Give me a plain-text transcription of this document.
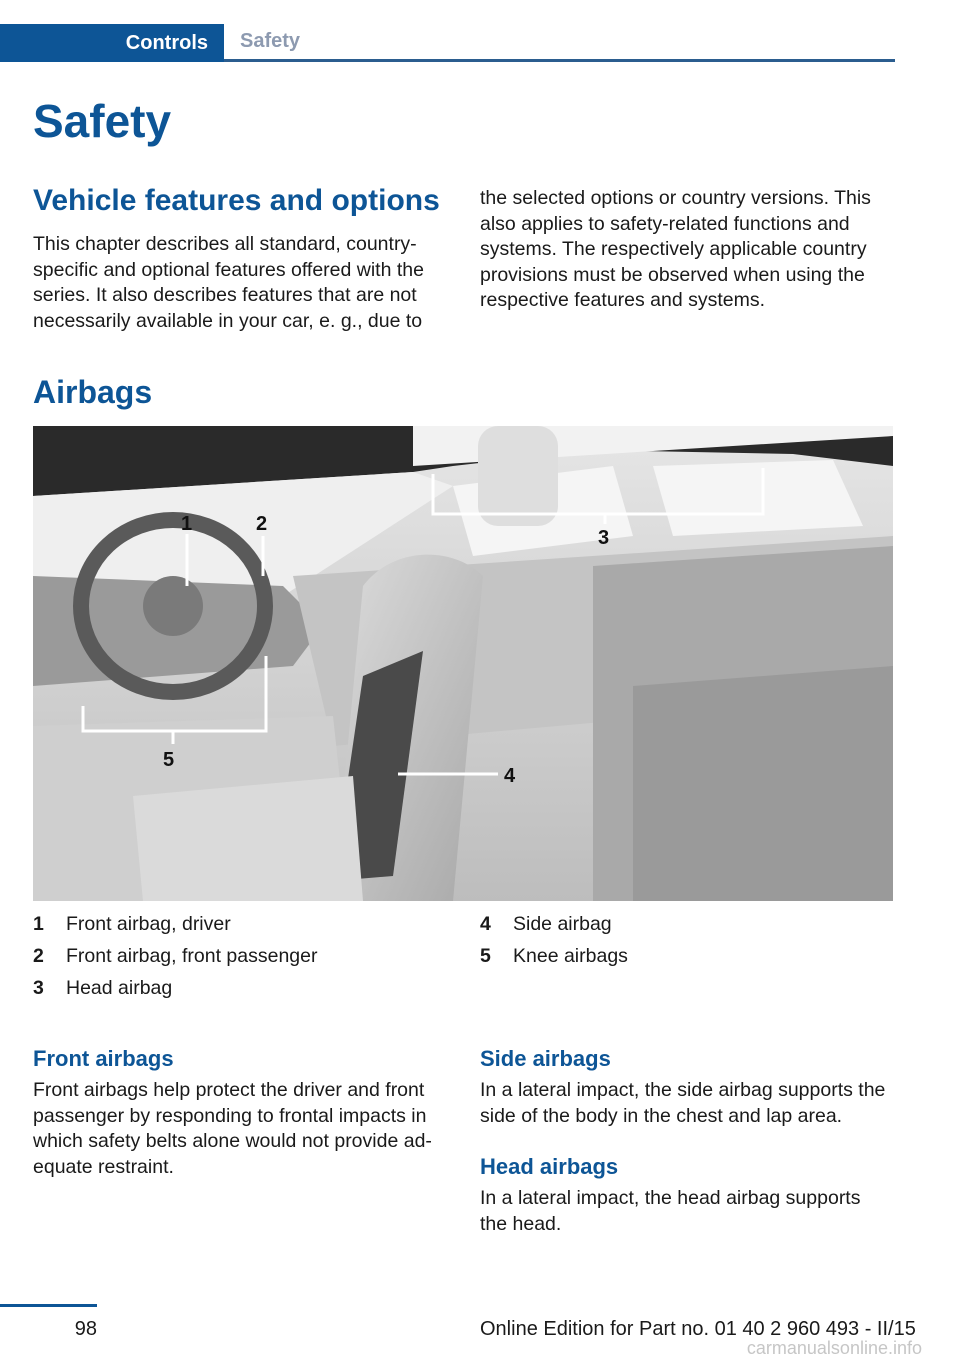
Controls	Safety
Safety
Vehicle features and options

This chapter describes all standard, country-specific and optional features offered with the series. It also describes features that are not necessarily available in your car, e. g., due to

the selected options or country versions. This also applies to safety-related functions and systems. The respectively applicable country provisions must be observed when using the respective features and systems.

Airbags
1	2
3
4
5
1	Front airbag, driver
2	Front airbag, front passenger
3	Head airbag
4	Side airbag
5	Knee airbags
Front airbags

Front airbags help protect the driver and front passenger by responding to frontal impacts in which safety belts alone would not provide ad‐equate restraint.

Side airbags

In a lateral impact, the side airbag supports the side of the body in the chest and lap area.

Head airbags

In a lateral impact, the head airbag supports the head.

98	Online Edition for Part no. 01 40 2 960 493 - II/15
carmanualsonline.info
